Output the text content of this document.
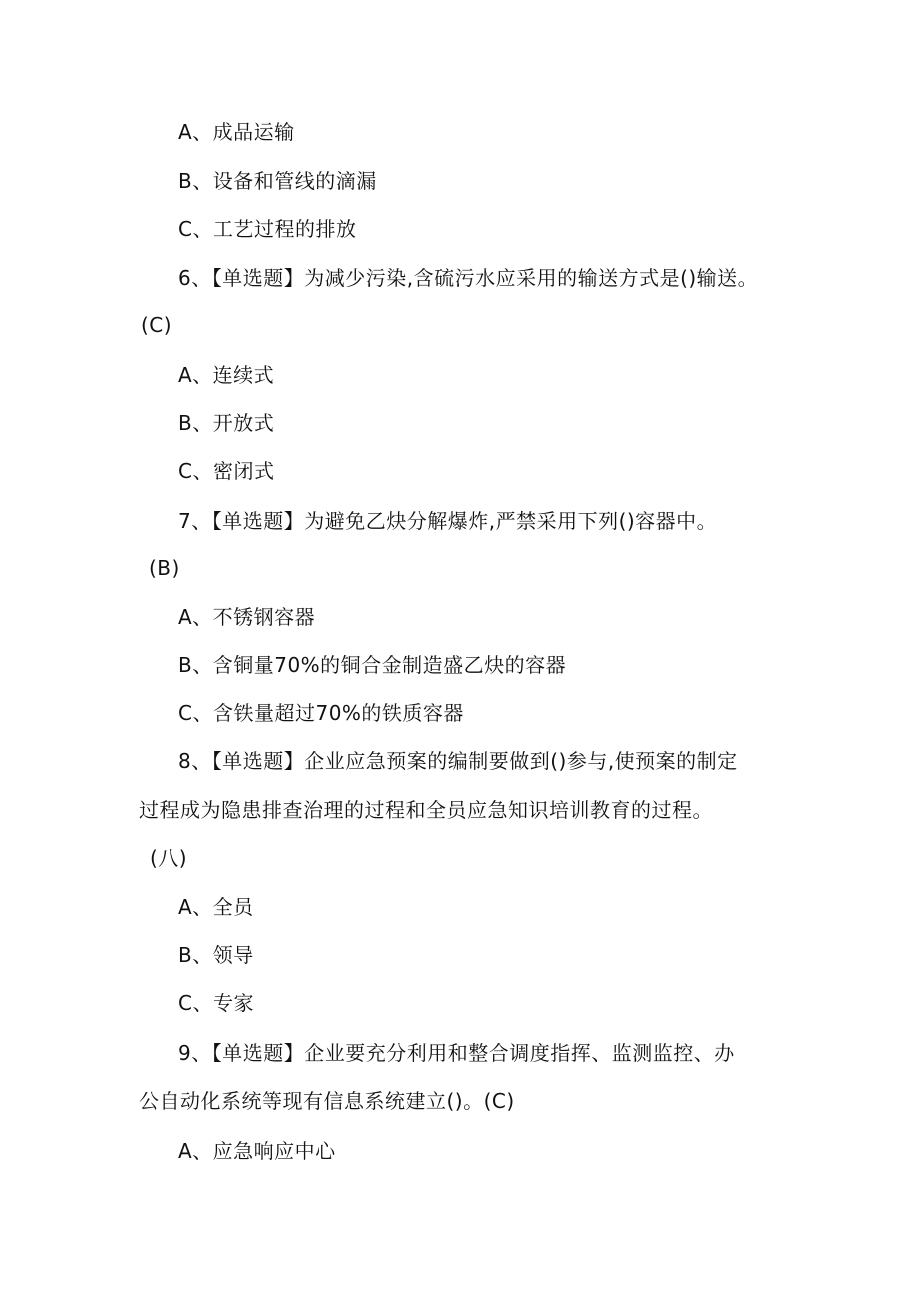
A、成品运输
B、设备和管线的滴漏
C、工艺过程的排放
6、【单选题】为减少污染,含硫污水应采用的输送方式是()输送。
(C)
A、连续式
B、开放式
C、密闭式
7、【单选题】为避免乙炔分解爆炸,严禁采用下列()容器中。
(B)
A、不锈钢容器
B、含铜量70%的铜合金制造盛乙炔的容器
C、含铁量超过70%的铁质容器
8、【单选题】企业应急预案的编制要做到()参与,使预案的制定
过程成为隐患排查治理的过程和全员应急知识培训教育的过程。
(八)
A、全员
B、领导
C、专家
9、【单选题】企业要充分利用和整合调度指挥、监测监控、办
公自动化系统等现有信息系统建立()。(C)
A、应急响应中心
